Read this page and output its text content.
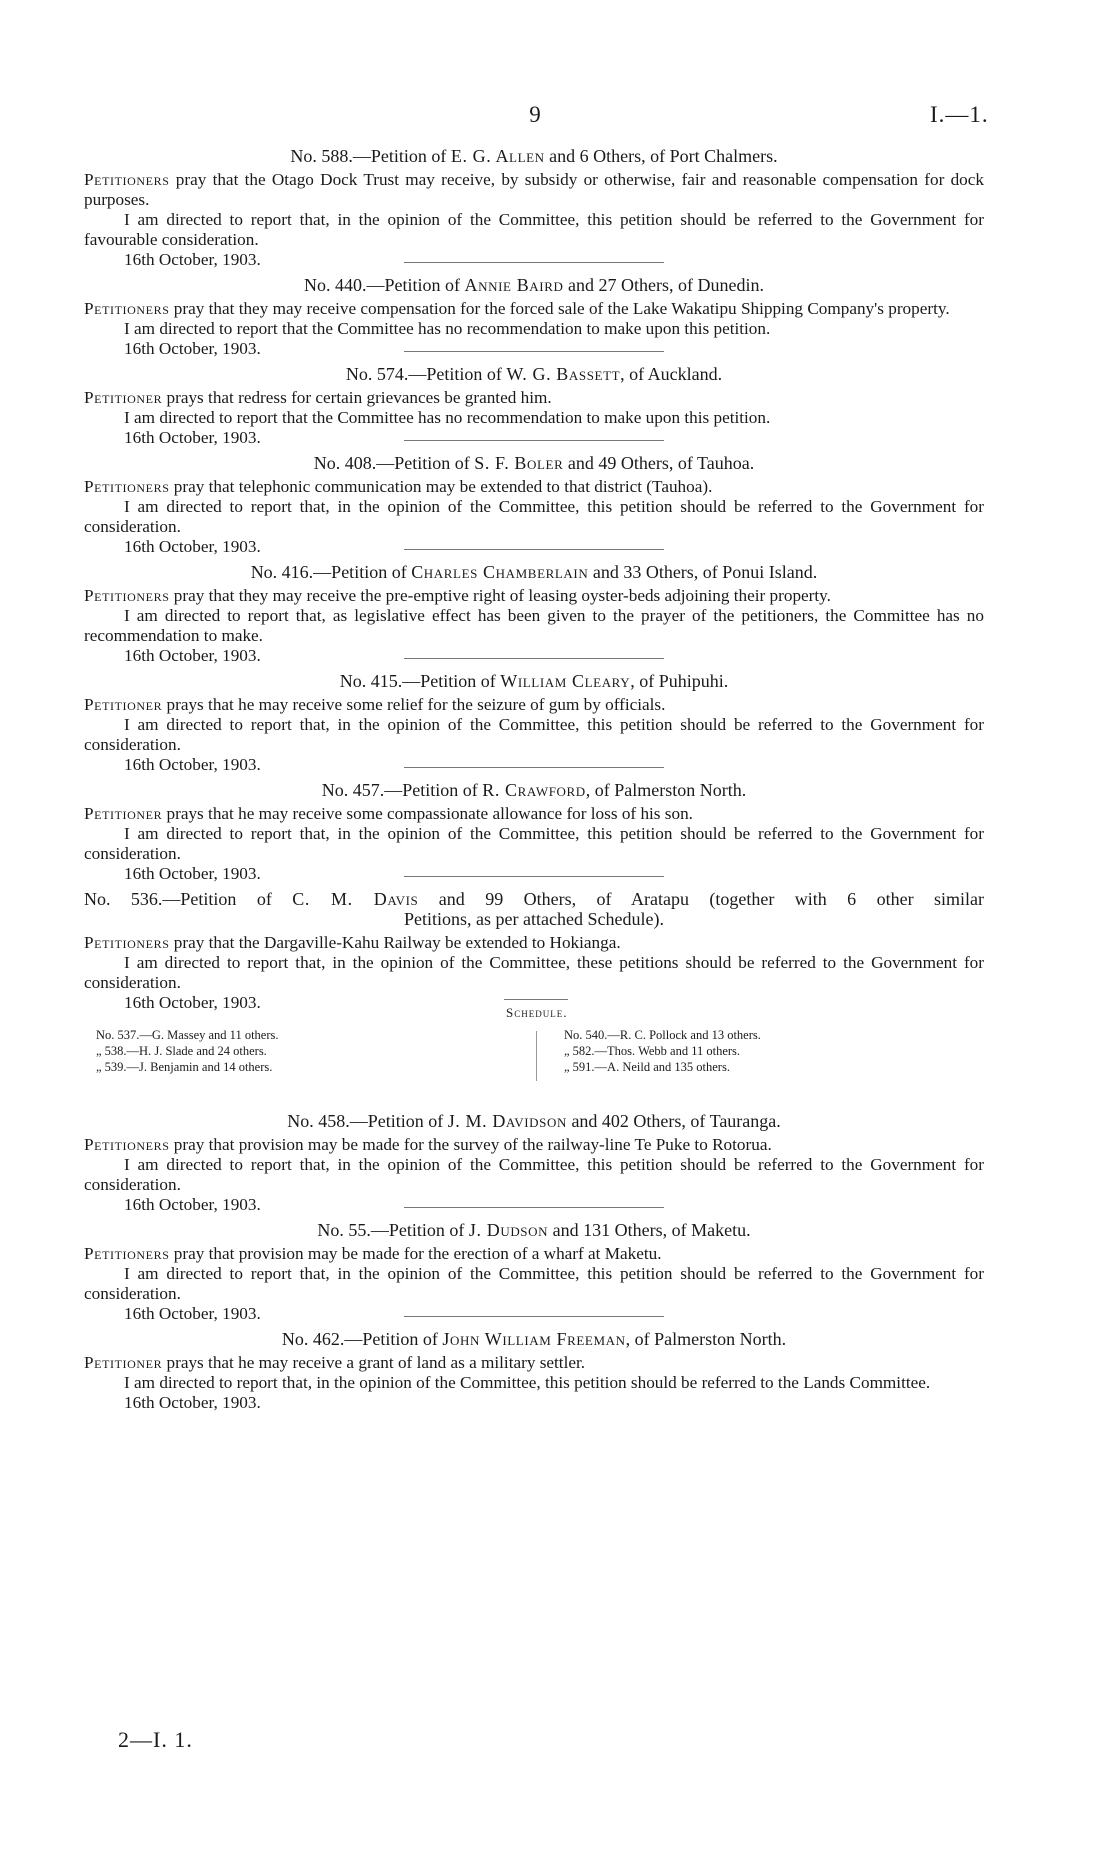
9	I.—1.

No. 588.—Petition of E. G. Allen and 6 Others, of Port Chalmers.

Petitioners pray that the Otago Dock Trust may receive, by subsidy or otherwise, fair and reasonable compensation for dock purposes.

I am directed to report that, in the opinion of the Committee, this petition should be referred to the Government for favourable consideration.

16th October, 1903.

No. 440.—Petition of Annie Baird and 27 Others, of Dunedin.

Petitioners pray that they may receive compensation for the forced sale of the Lake Wakatipu Shipping Company's property.

I am directed to report that the Committee has no recommendation to make upon this petition.

16th October, 1903.

No. 574.—Petition of W. G. Bassett, of Auckland.

Petitioner prays that redress for certain grievances be granted him.

I am directed to report that the Committee has no recommendation to make upon this petition.

16th October, 1903.

No. 408.—Petition of S. F. Boler and 49 Others, of Tauhoa.

Petitioners pray that telephonic communication may be extended to that district (Tauhoa).

I am directed to report that, in the opinion of the Committee, this petition should be referred to the Government for consideration.

16th October, 1903.

No. 416.—Petition of Charles Chamberlain and 33 Others, of Ponui Island.

Petitioners pray that they may receive the pre-emptive right of leasing oyster-beds adjoining their property.

I am directed to report that, as legislative effect has been given to the prayer of the petitioners, the Committee has no recommendation to make.

16th October, 1903.

No. 415.—Petition of William Cleary, of Puhipuhi.

Petitioner prays that he may receive some relief for the seizure of gum by officials.

I am directed to report that, in the opinion of the Committee, this petition should be referred to the Government for consideration.

16th October, 1903.

No. 457.—Petition of R. Crawford, of Palmerston North.

Petitioner prays that he may receive some compassionate allowance for loss of his son.

I am directed to report that, in the opinion of the Committee, this petition should be referred to the Government for consideration.

16th October, 1903.

No. 536.—Petition of C. M. Davis and 99 Others, of Aratapu (together with 6 other similar
Petitions, as per attached Schedule).

Petitioners pray that the Dargaville-Kahu Railway be extended to Hokianga.

I am directed to report that, in the opinion of the Committee, these petitions should be referred to the Government for consideration.

16th October, 1903.

Schedule.
No. 537.—G. Massey and 11 others.
„ 538.—H. J. Slade and 24 others.
„ 539.—J. Benjamin and 14 others.
No. 540.—R. C. Pollock and 13 others.
„ 582.—Thos. Webb and 11 others.
„ 591.—A. Neild and 135 others.

No. 458.—Petition of J. M. Davidson and 402 Others, of Tauranga.

Petitioners pray that provision may be made for the survey of the railway-line Te Puke to Rotorua.

I am directed to report that, in the opinion of the Committee, this petition should be referred to the Government for consideration.

16th October, 1903.

No. 55.—Petition of J. Dudson and 131 Others, of Maketu.

Petitioners pray that provision may be made for the erection of a wharf at Maketu.

I am directed to report that, in the opinion of the Committee, this petition should be referred to the Government for consideration.

16th October, 1903.

No. 462.—Petition of John William Freeman, of Palmerston North.

Petitioner prays that he may receive a grant of land as a military settler.

I am directed to report that, in the opinion of the Committee, this petition should be referred to the Lands Committee.

16th October, 1903.

2—I. 1.
